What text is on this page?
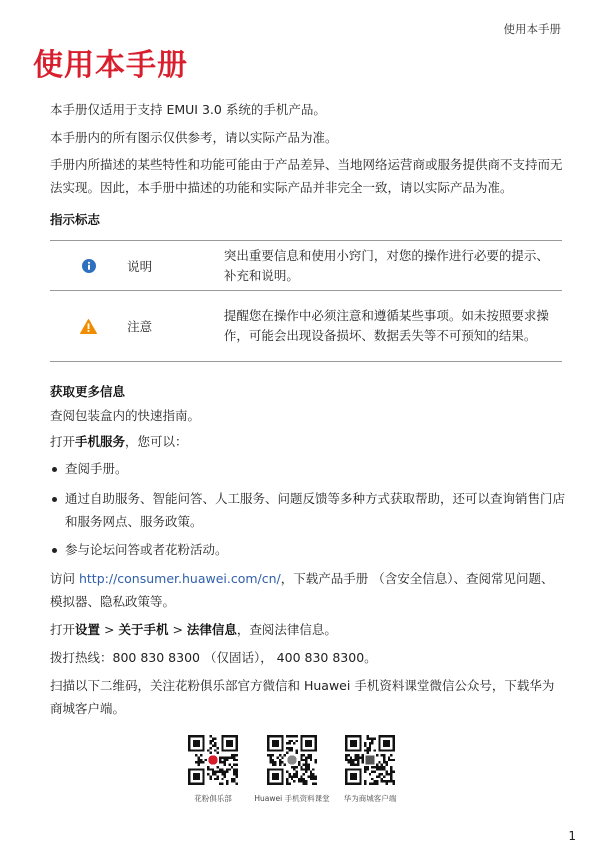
使用本手册
使用本手册

本手册仅适用于支持 EMUI 3.0 系统的手机产品。

本手册内的所有图示仅供参考，请以实际产品为准。

手册内所描述的某些特性和功能可能由于产品差异、当地网络运营商或服务提供商不支持而无法实现。因此，本手册中描述的功能和实际产品并非完全一致，请以实际产品为准。

指示标志

说明
突出重要信息和使用小窍门，对您的操作进行必要的提示、补充和说明。
注意
提醒您在操作中必须注意和遵循某些事项。如未按照要求操作，可能会出现设备损坏、数据丢失等不可预知的结果。

获取更多信息

查阅包装盒内的快速指南。

打开手机服务，您可以：

查阅手册。
通过自助服务、智能问答、人工服务、问题反馈等多种方式获取帮助，还可以查询销售门店和服务网点、服务政策。
参与论坛问答或者花粉活动。

访问 http://consumer.huawei.com/cn/，下载产品手册 （含安全信息）、查阅常见问题、模拟器、隐私政策等。

打开设置 > 关于手机 > 法律信息，查阅法律信息。

拨打热线：800 830 8300 （仅固话）， 400 830 8300。

扫描以下二维码，关注花粉俱乐部官方微信和 Huawei 手机资料课堂微信公众号，下载华为商城客户端。

花粉俱乐部	Huawei 手机资料课堂	华为商城客户端
1
